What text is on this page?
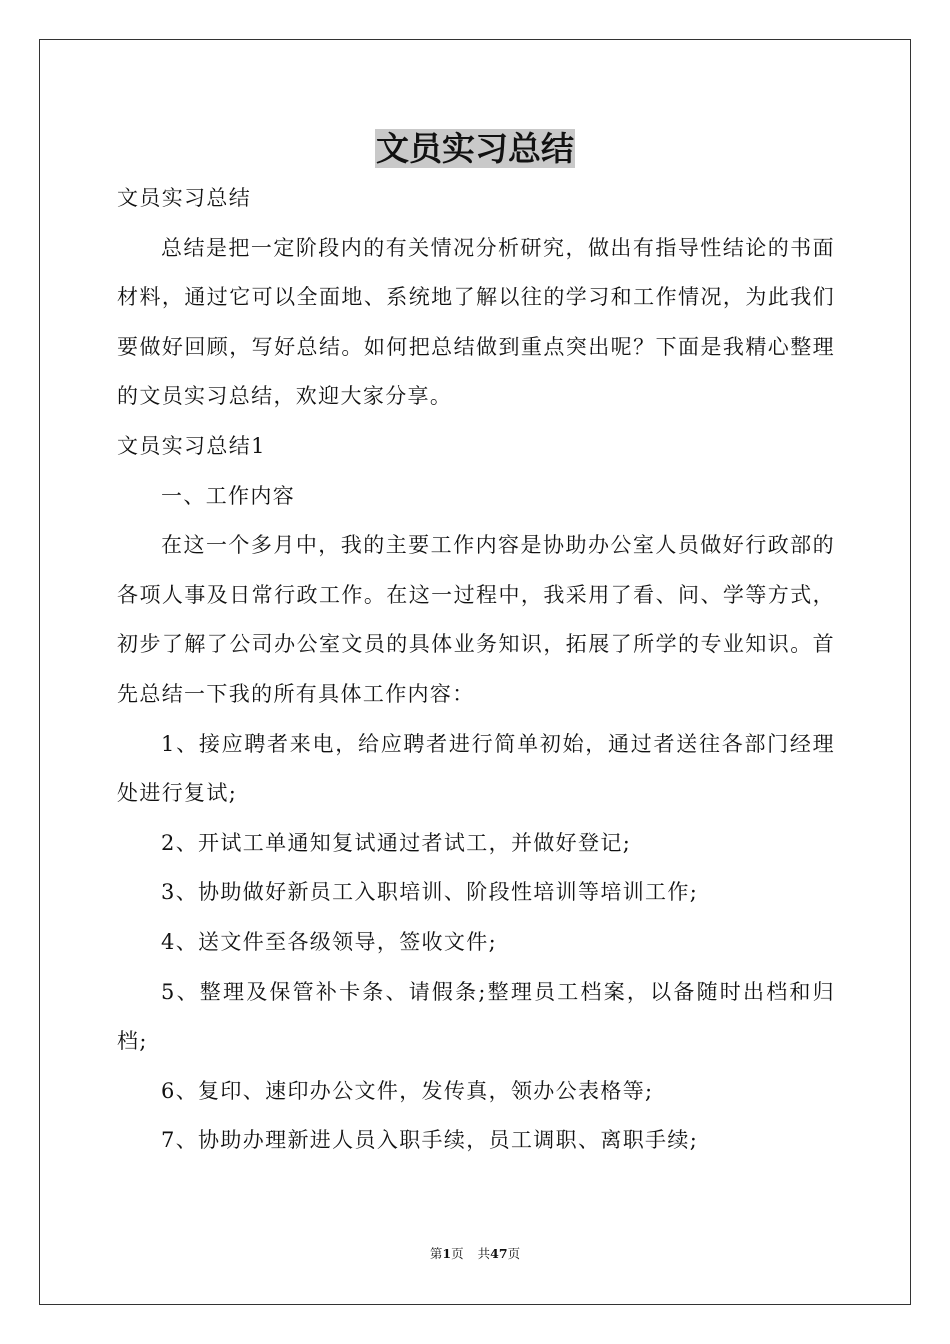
文员实习总结

文员实习总结

总结是把一定阶段内的有关情况分析研究，做出有指导性结论的书面材料，通过它可以全面地、系统地了解以往的学习和工作情况，为此我们要做好回顾，写好总结。如何把总结做到重点突出呢？下面是我精心整理的文员实习总结，欢迎大家分享。

文员实习总结1

一、工作内容

在这一个多月中，我的主要工作内容是协助办公室人员做好行政部的各项人事及日常行政工作。在这一过程中，我采用了看、问、学等方式，初步了解了公司办公室文员的具体业务知识，拓展了所学的专业知识。首先总结一下我的所有具体工作内容：

1、接应聘者来电，给应聘者进行简单初始，通过者送往各部门经理处进行复试;

2、开试工单通知复试通过者试工，并做好登记;

3、协助做好新员工入职培训、阶段性培训等培训工作;

4、送文件至各级领导，签收文件;

5、整理及保管补卡条、请假条;整理员工档案，以备随时出档和归档;

6、复印、速印办公文件，发传真，领办公表格等;

7、协助办理新进人员入职手续，员工调职、离职手续;

第1页 共47页
